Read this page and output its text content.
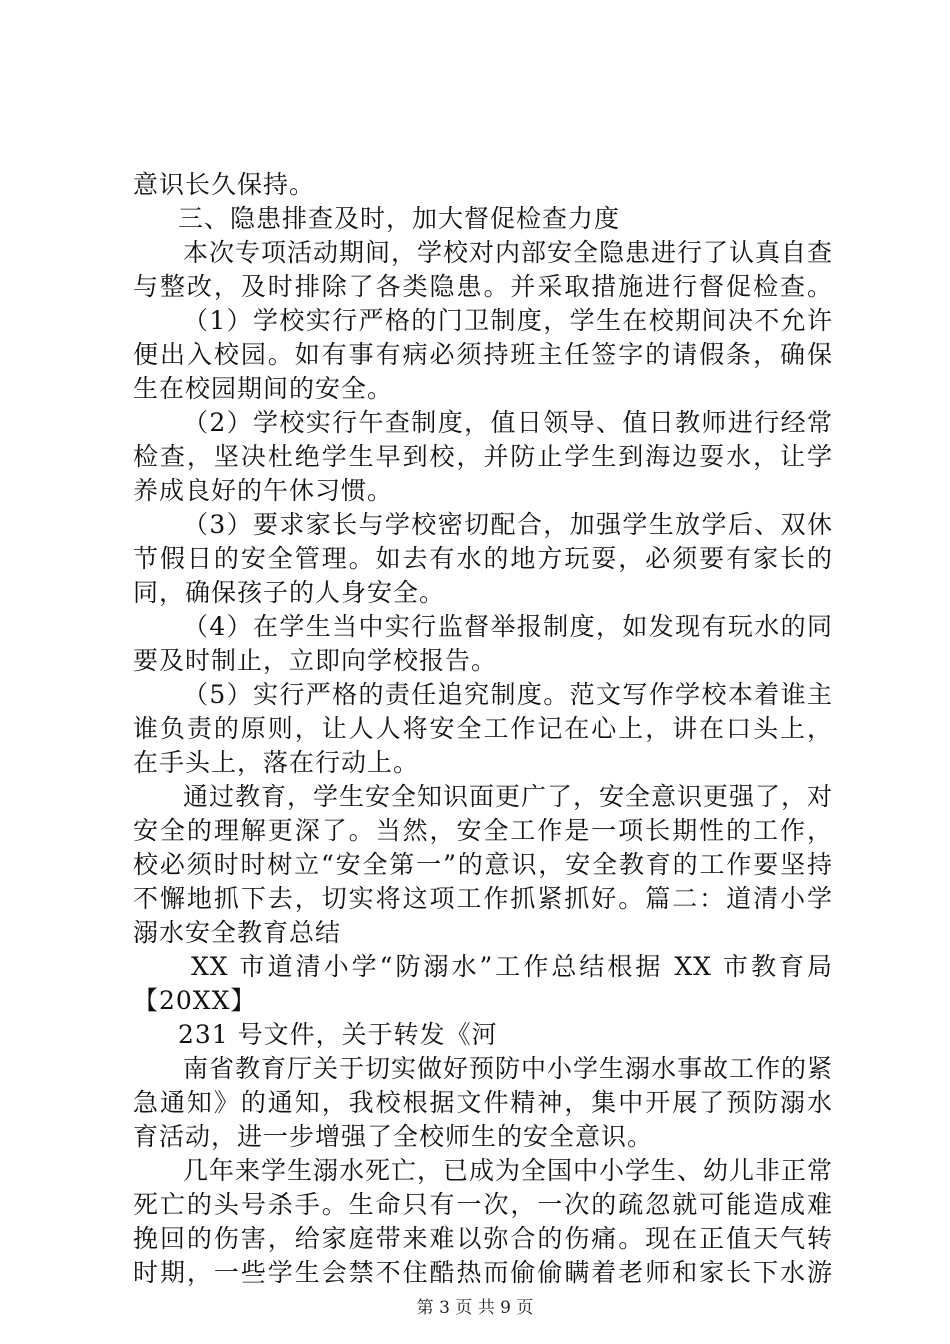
意识长久保持。
三、隐患排查及时，加大督促检查力度
本次专项活动期间，学校对内部安全隐患进行了认真自查
与整改，及时排除了各类隐患。并采取措施进行督促检查。
（1）学校实行严格的门卫制度，学生在校期间决不允许
便出入校园。如有事有病必须持班主任签字的请假条，确保
生在校园期间的安全。
（2）学校实行午查制度，值日领导、值日教师进行经常
检查，坚决杜绝学生早到校，并防止学生到海边耍水，让学
养成良好的午休习惯。
（3）要求家长与学校密切配合，加强学生放学后、双休
节假日的安全管理。如去有水的地方玩耍，必须要有家长的
同，确保孩子的人身安全。
（4）在学生当中实行监督举报制度，如发现有玩水的同
要及时制止，立即向学校报告。
（5）实行严格的责任追究制度。范文写作学校本着谁主
谁负责的原则，让人人将安全工作记在心上，讲在口头上，
在手头上，落在行动上。
通过教育，学生安全知识面更广了，安全意识更强了，对
安全的理解更深了。当然，安全工作是一项长期性的工作，
校必须时时树立“安全第一”的意识，安全教育的工作要坚持
不懈地抓下去，切实将这项工作抓紧抓好。篇二：道清小学
溺水安全教育总结
XX 市道清小学“防溺水”工作总结根据 XX 市教育局
【20XX】
231 号文件，关于转发《河
南省教育厅关于切实做好预防中小学生溺水事故工作的紧
急通知》的通知，我校根据文件精神，集中开展了预防溺水
育活动，进一步增强了全校师生的安全意识。
几年来学生溺水死亡，已成为全国中小学生、幼儿非正常
死亡的头号杀手。生命只有一次，一次的疏忽就可能造成难
挽回的伤害，给家庭带来难以弥合的伤痛。现在正值天气转
时期，一些学生会禁不住酷热而偷偷瞒着老师和家长下水游
第 3 页 共 9 页
